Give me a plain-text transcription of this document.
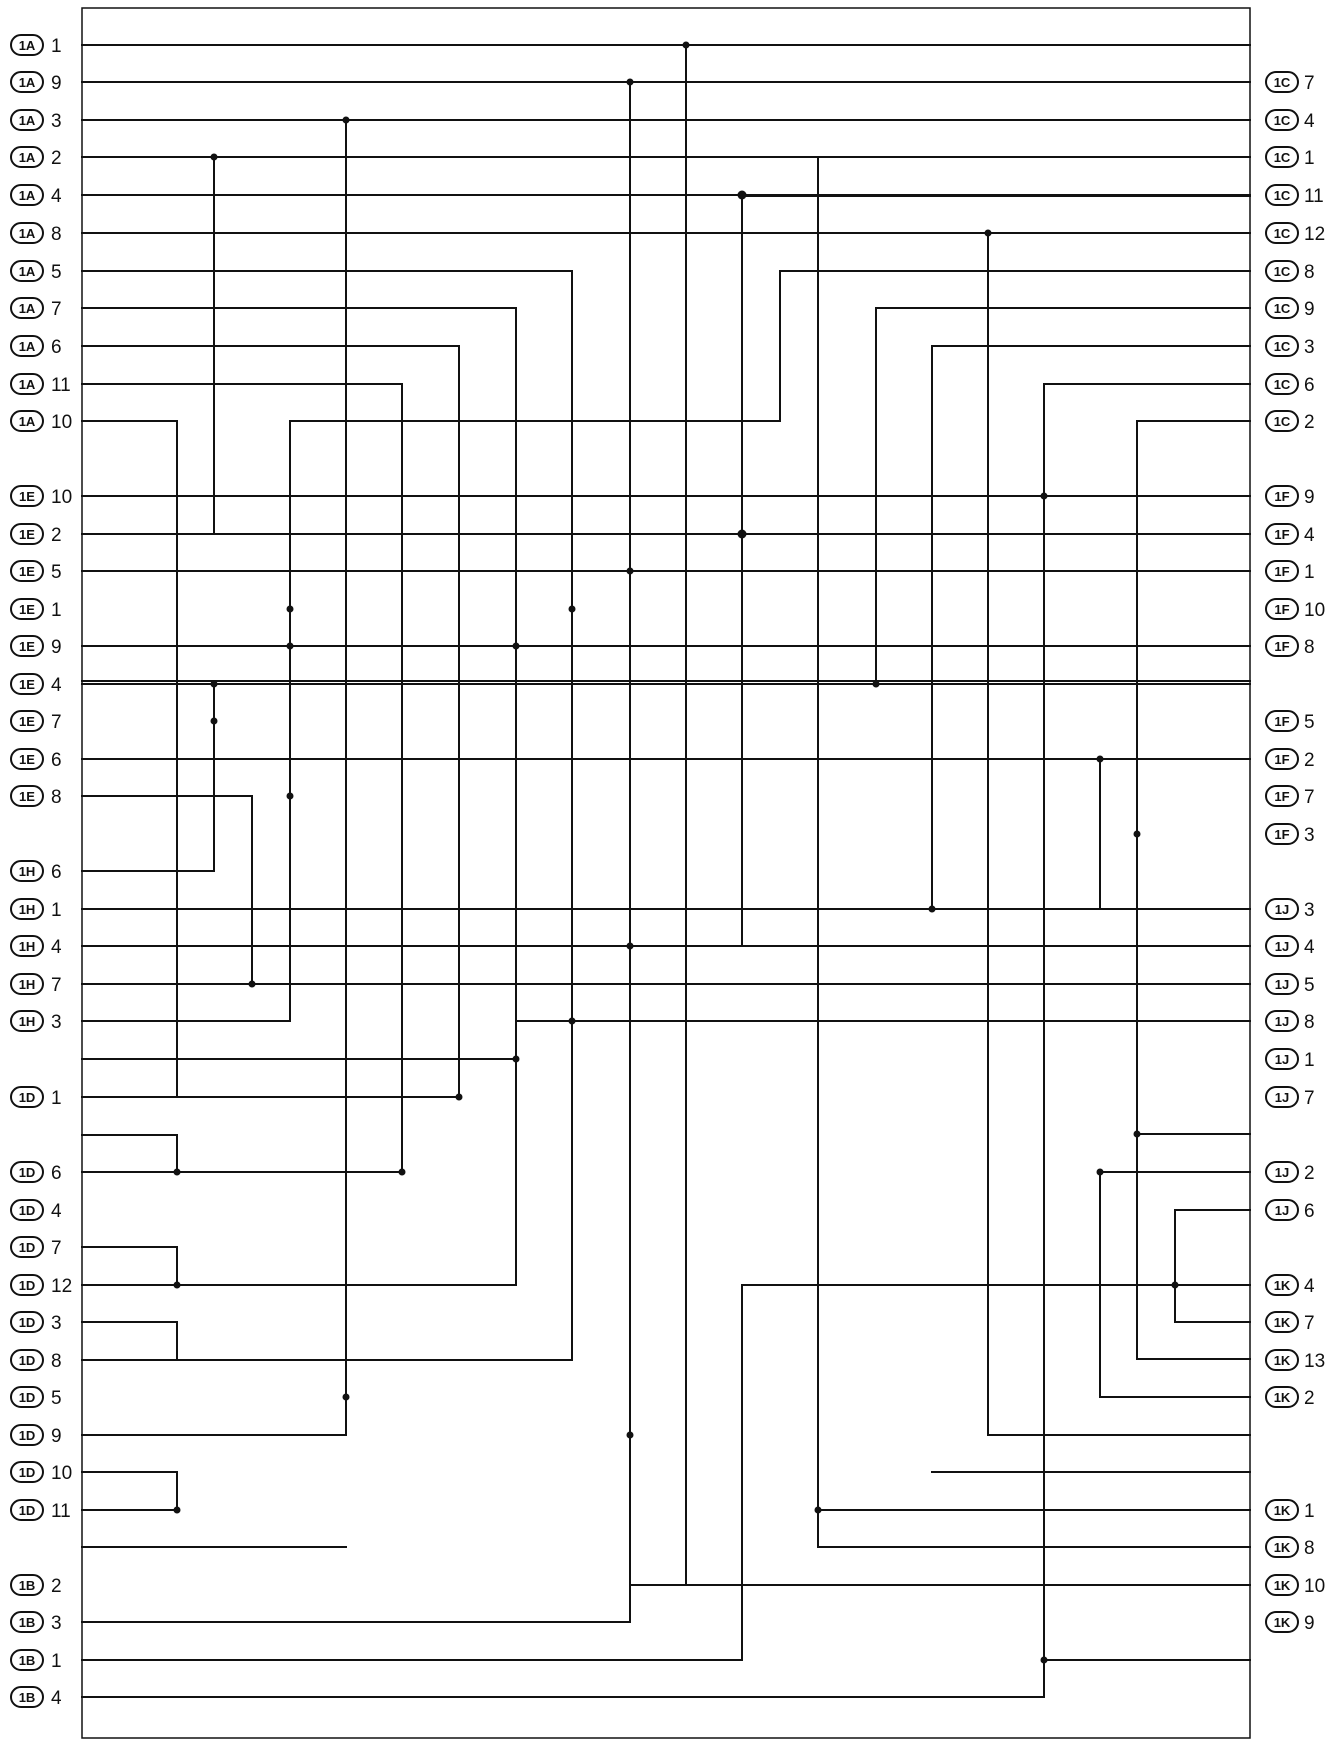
1A 1
1A 9
1A 3
1A 2
1A 4
1A 8
1A 5
1A 7
1A 6
1A 11
1A 10
1E 10
1E 2
1E 5
1E 1
1E 9
1E 4
1E 7
1E 6
1E 8
1H 6
1H 1
1H 4
1H 7
1H 3
1D 1
1D 6
1D 4
1D 7
1D 12
1D 3
1D 8
1D 5
1D 9
1D 10
1D 11
1B 2
1B 3
1B 1
1B 4
1C 7
1C 4
1C 1
1C 11
1C 12
1C 8
1C 9
1C 3
1C 6
1C 2
1F 9
1F 4
1F 1
1F 10
1F 8
1F 5
1F 2
1F 7
1F 3
1J 3
1J 4
1J 5
1J 8
1J 1
1J 7
1J 2
1J 6
1K 4
1K 7
1K 13
1K 2
1K 1
1K 8
1K 10
1K 9
